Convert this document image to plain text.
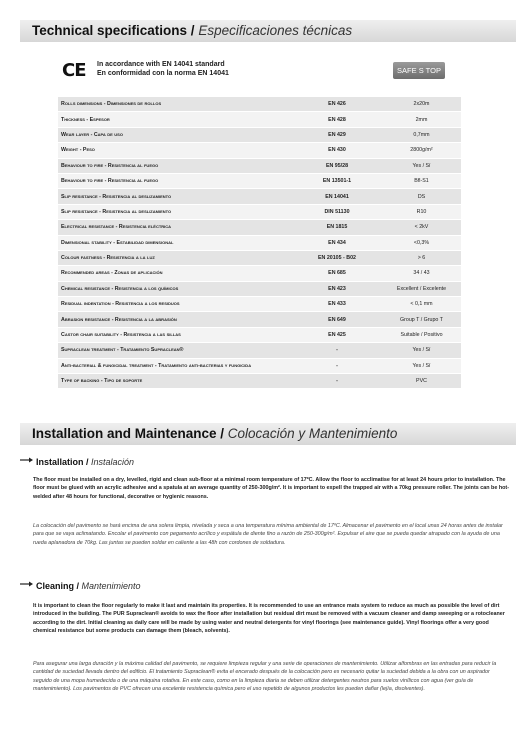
Technical specifications / Especificaciones técnicas
CE In accordance with EN 14041 standard
En conformidad con la norma EN 14041	SAFE S TOP
Rolls dimensions - Dimensiones de rollos	EN 426	2x20m
Thickness - Espesor	EN 428	2mm
Wear layer - Capa de uso	EN 429	0,7mm
Weight - Peso	EN 430	2800g/m²
Behaviour to fire - Resistencia al fuego	EN 95/28	Yes / Sí
Behaviour to fire - Resistencia al fuego	EN 13501-1	Bfl-S1
Slip resistance - Resistencia al deslizamiento	EN 14041	DS
Slip resistance - Resistencia al deslizamiento	DIN 51130	R10
Electrical resistance - Resistencia eléctrica	EN 1815	< 2kV
Dimensional stability - Estabilidad dimensional	EN 434	<0,3%
Colour fastness - Resistencia a la luz	EN 20105 - B02	> 6
Recommended areas - Zonas de aplicación	EN 685	34 / 43
Chemical resistance - Resistencia a los químicos	EN 423	Excellent / Excelente
Residual indentation - Resistencia a los residuos	EN 433	< 0,1 mm
Abrasion resistance - Resistencia a la abrasión	EN 649	Group T / Grupo T
Castor chair suitability - Resistencia a las sillas	EN 425	Suitable / Positivo
Supraclean treatment - Tratamiento Supraclean®	-	Yes / Sí
Anti-bacterial & fungicidal treatment - Tratamiento anti-bacterias y fungicida	-	Yes / Sí
Type of backing - Tipo de soporte	-	PVC
Installation and Maintenance / Colocación y Mantenimiento
Installation / Instalación
The floor must be installed on a dry, levelled, rigid and clean sub-floor at a minimal room temperature of 17ºC. Allow the floor to acclimatise for at least 24 hours prior to installation. The floor must be glued with an acrylic adhesive and a spatula at an average quantity of 250-300g/m². It is important to expell the trapped air with a 70kg pressure roller. The joints can be hot-welded after 48 hours for functional, decorative or hygienic reasons.
La colocación del pavimento se hará encima de una solera limpia, nivelada y seca a una temperatura mínima ambiental de 17ºC. Almacenar el pavimento en el local unas 24 horas antes de instalar para que se vaya aclimatando. Encolar el pavimento con pegamento acrílico y espátula de diente fino a razón de 250-300g/m². Expulsar el aire que se pueda quedar atrapado con la ayuda de una rueda aplanadora de 70kg. Las juntas se pueden soldar en caliente a las 48h con cordones de soldadura.
Cleaning / Mantenimiento
It is important to clean the floor regularly to make it last and maintain its properties. It is recommended to use an entrance mats system to reduce as much as possible the level of dirt introduced in the building. The PUR Supraclean® avoids to wax the floor after installation but residual dirt must be removed with a vacuum cleaner and damp sweeping or a rotocleaner according to the dirt. Initial cleaning as daily care will be made by using water and neutral detergents for vinyl floorings (see maintenance guide). Vinyl floorings offer a very good chemical resistance but some products can damage them (bleach, solvents).
Para asegurar una larga duración y la máxima calidad del pavimento, se requiere limpieza regular y una serie de operaciones de mantenimiento. Utilizar alfombras en las entradas para reducir la cantidad de suciedad llevada dentro del edificio. El tratamiento Supraclean® evita el encerado después de la colocación pero es necesario quitar la suciedad debida a la obra con un aspirador seguido de una mopa humedecida o de una máquina rotativa. En este caso, como en la limpieza diaria se deben utilizar detergentes neutros para suelos vinílicos con agua (ver guía de mantenimiento). Los pavimentos de PVC ofrecen una excelente resistencia química pero el uso repetido de algunos productos les pueden dañar (lejía, disolventes).
